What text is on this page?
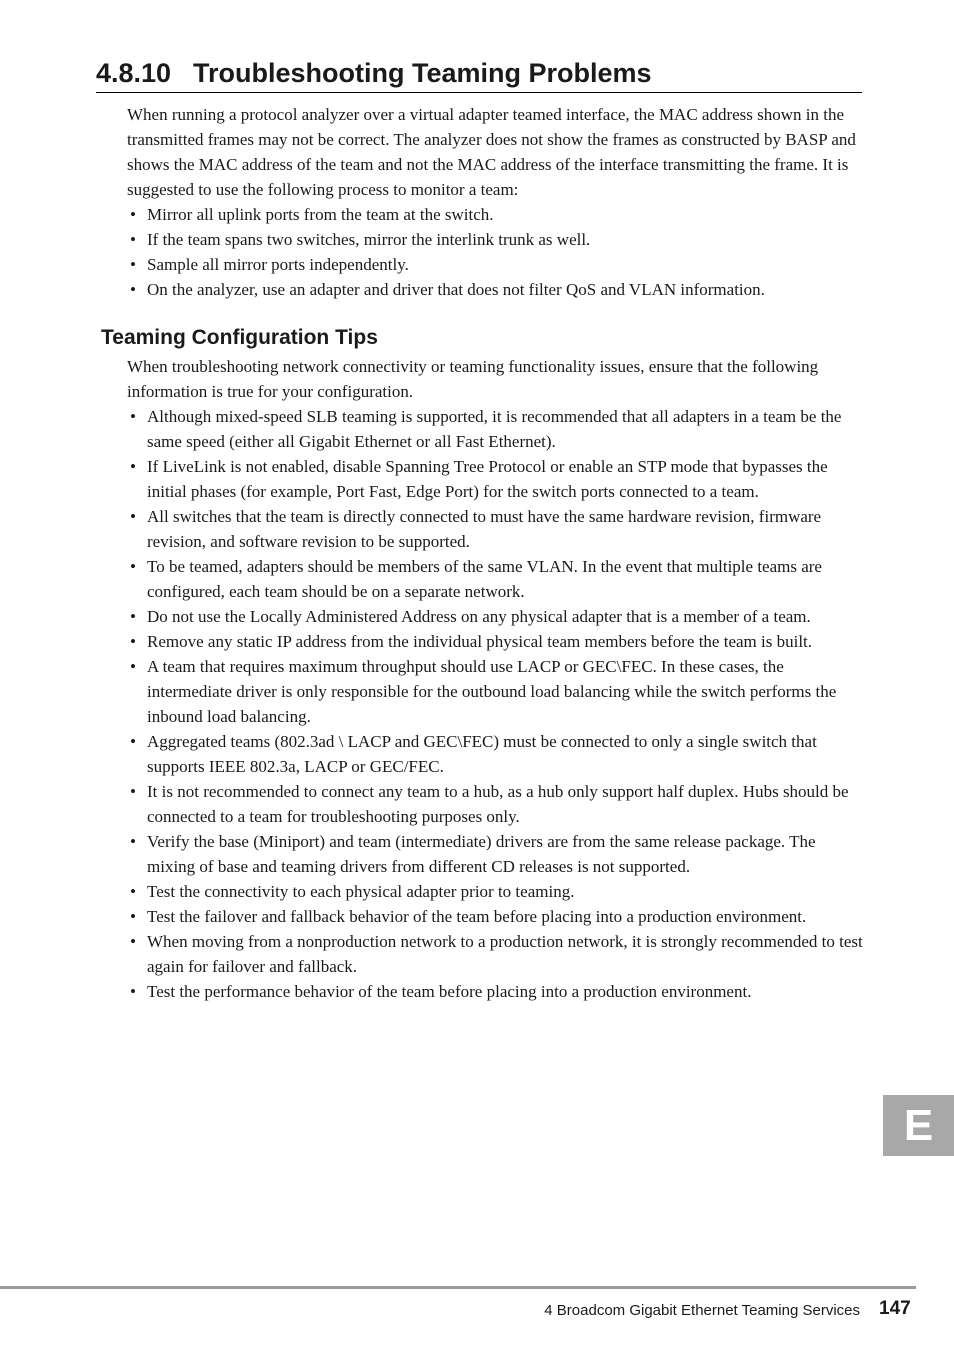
4.8.10 Troubleshooting Teaming Problems

When running a protocol analyzer over a virtual adapter teamed interface, the MAC address shown in the transmitted frames may not be correct. The analyzer does not show the frames as constructed by BASP and shows the MAC address of the team and not the MAC address of the interface transmitting the frame. It is suggested to use the following process to monitor a team:

• Mirror all uplink ports from the team at the switch.
• If the team spans two switches, mirror the interlink trunk as well.
• Sample all mirror ports independently.
• On the analyzer, use an adapter and driver that does not filter QoS and VLAN information.
Teaming Configuration Tips

When troubleshooting network connectivity or teaming functionality issues, ensure that the following information is true for your configuration.

• Although mixed-speed SLB teaming is supported, it is recommended that all adapters in a team be the same speed (either all Gigabit Ethernet or all Fast Ethernet).
• If LiveLink is not enabled, disable Spanning Tree Protocol or enable an STP mode that bypasses the initial phases (for example, Port Fast, Edge Port) for the switch ports connected to a team.
• All switches that the team is directly connected to must have the same hardware revision, firmware revision, and software revision to be supported.
• To be teamed, adapters should be members of the same VLAN. In the event that multiple teams are configured, each team should be on a separate network.
• Do not use the Locally Administered Address on any physical adapter that is a member of a team.
• Remove any static IP address from the individual physical team members before the team is built.
• A team that requires maximum throughput should use LACP or GEC\FEC. In these cases, the intermediate driver is only responsible for the outbound load balancing while the switch performs the inbound load balancing.
• Aggregated teams (802.3ad \ LACP and GEC\FEC) must be connected to only a single switch that supports IEEE 802.3a, LACP or GEC/FEC.
• It is not recommended to connect any team to a hub, as a hub only support half duplex. Hubs should be connected to a team for troubleshooting purposes only.
• Verify the base (Miniport) and team (intermediate) drivers are from the same release package. The mixing of base and teaming drivers from different CD releases is not supported.
• Test the connectivity to each physical adapter prior to teaming.
• Test the failover and fallback behavior of the team before placing into a production environment.
• When moving from a nonproduction network to a production network, it is strongly recommended to test again for failover and fallback.
• Test the performance behavior of the team before placing into a production environment.
E
4 Broadcom Gigabit Ethernet Teaming Services 147
